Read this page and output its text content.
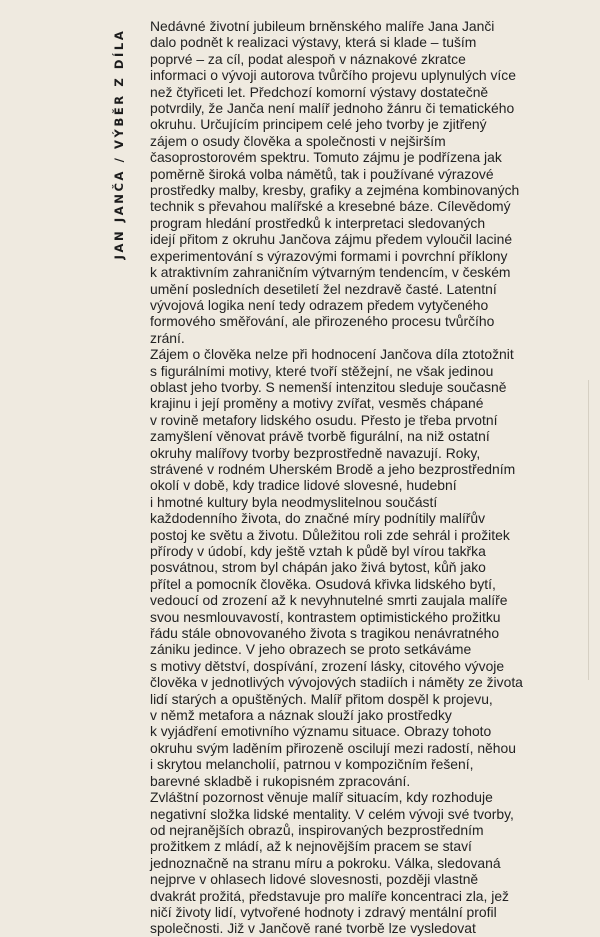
JAN JANČA / VÝBĚR Z DÍLA
Nedávné životní jubileum brněnského malíře Jana Janči
dalo podnět k realizaci výstavy, která si klade – tuším
poprvé – za cíl, podat alespoň v náznakové zkratce
informaci o vývoji autorova tvůrčího projevu uplynulých více
než čtyřiceti let. Předchozí komorní výstavy dostatečně
potvrdily, že Janča není malíř jednoho žánru či tematického
okruhu. Určujícím principem celé jeho tvorby je zjitřený
zájem o osudy člověka a společnosti v nejširším
časoprostorovém spektru. Tomuto zájmu je podřízena jak
poměrně široká volba námětů, tak i používané výrazové
prostředky malby, kresby, grafiky a zejména kombinovaných
technik s převahou malířské a kresebné báze. Cílevědomý
program hledání prostředků k interpretaci sledovaných
idejí přitom z okruhu Jančova zájmu předem vyloučil laciné
experimentování s výrazovými formami i povrchní příklony
k atraktivním zahraničním výtvarným tendencím, v českém
umění posledních desetiletí žel nezdravě časté. Latentní
vývojová logika není tedy odrazem předem vytyčeného
formového směřování, ale přirozeného procesu tvůrčího
zrání.
Zájem o člověka nelze při hodnocení Jančova díla ztotožnit
s figurálními motivy, které tvoří stěžejní, ne však jedinou
oblast jeho tvorby. S nemenší intenzitou sleduje současně
krajinu i její proměny a motivy zvířat, vesměs chápané
v rovině metafory lidského osudu. Přesto je třeba prvotní
zamyšlení věnovat právě tvorbě figurální, na niž ostatní
okruhy malířovy tvorby bezprostředně navazují. Roky,
strávené v rodném Uherském Brodě a jeho bezprostředním
okolí v době, kdy tradice lidové slovesné, hudební
i hmotné kultury byla neodmyslitelnou součástí
každodenního života, do značné míry podnítily malířův
postoj ke světu a životu. Důležitou roli zde sehrál i prožitek
přírody v údobí, kdy ještě vztah k půdě byl vírou takřka
posvátnou, strom byl chápán jako živá bytost, kůň jako
přítel a pomocník člověka. Osudová křivka lidského bytí,
vedoucí od zrození až k nevyhnutelné smrti zaujala malíře
svou nesmlouvavostí, kontrastem optimistického prožitku
řádu stále obnovovaného života s tragikou nenávratného
zániku jedince. V jeho obrazech se proto setkáváme
s motivy dětství, dospívání, zrození lásky, citového vývoje
člověka v jednotlivých vývojových stadiích i náměty ze života
lidí starých a opuštěných. Malíř přitom dospěl k projevu,
v němž metafora a náznak slouží jako prostředky
k vyjádření emotivního významu situace. Obrazy tohoto
okruhu svým laděním přirozeně oscilují mezi radostí, něhou
i skrytou melancholií, patrnou v kompozičním řešení,
barevné skladbě i rukopisném zpracování.
Zvláštní pozornost věnuje malíř situacím, kdy rozhoduje
negativní složka lidské mentality. V celém vývoji své tvorby,
od nejranějších obrazů, inspirovaných bezprostředním
prožitkem z mládí, až k nejnovějším pracem se staví
jednoznačně na stranu míru a pokroku. Válka, sledovaná
nejprve v ohlasech lidové slovesnosti, později vlastně
dvakrát prožitá, představuje pro malíře koncentraci zla, jež
ničí životy lidí, vytvořené hodnoty i zdravý mentální profil
společnosti. Již v Jančově rané tvorbě lze vysledovat
